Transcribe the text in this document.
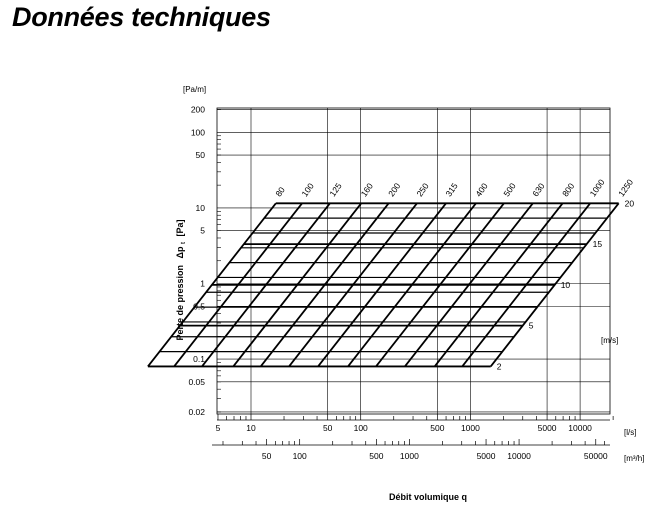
Données techniques
80 100 125 160 200 250 315 400 500 630 800 1000 1250
2
5
10
15
20
0.02
0.05
0.1
0.5
1
5
10
50
100
200
5	10	50 100	500 1000	5000 10000
50 100	500 1000	5000 10000	50000
[Pa/m]
Perte de pression Δp $_t$ [Pa]
[l/s]
[m³/h]
[m/s]
Débit volumique q
